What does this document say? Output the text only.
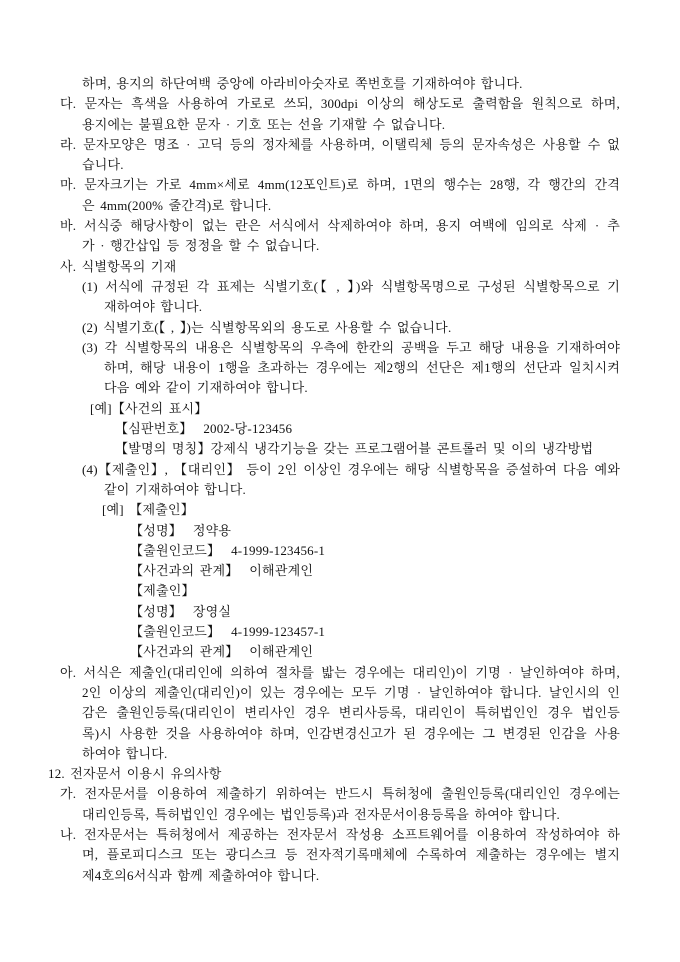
하며, 용지의 하단여백 중앙에 아라비아숫자로 쪽번호를 기재하여야 합니다.
다. 문자는 흑색을 사용하여 가로로 쓰되, 300dpi 이상의 해상도로 출력함을 원칙으로 하며,
용지에는 불필요한 문자 · 기호 또는 선을 기재할 수 없습니다.
라. 문자모양은 명조 · 고딕 등의 정자체를 사용하며, 이탤릭체 등의 문자속성은 사용할 수 없
습니다.
마. 문자크기는 가로 4mm×세로 4mm(12포인트)로 하며, 1면의 행수는 28행, 각 행간의 간격
은 4mm(200% 줄간격)로 합니다.
바. 서식중 해당사항이 없는 란은 서식에서 삭제하여야 하며, 용지 여백에 임의로 삭제 · 추
가 · 행간삽입 등 정정을 할 수 없습니다.
사. 식별항목의 기재
(1) 서식에 규정된 각 표제는 식별기호(【 , 】)와 식별항목명으로 구성된 식별항목으로 기
재하여야 합니다.
(2) 식별기호(【 , 】)는 식별항목외의 용도로 사용할 수 없습니다.
(3) 각 식별항목의 내용은 식별항목의 우측에 한칸의 공백을 두고 해당 내용을 기재하여야
하며, 해당 내용이 1행을 초과하는 경우에는 제2행의 선단은 제1행의 선단과 일치시켜
다음 예와 같이 기재하여야 합니다.
[예]【사건의 표시】
【심판번호】  2002-당-123456
【발명의 명칭】강제식 냉각기능을 갖는 프로그램어블 콘트롤러 및 이의 냉각방법
(4)【제출인】, 【대리인】 등이 2인 이상인 경우에는 해당 식별항목을 증설하여 다음 예와
같이 기재하여야 합니다.
[예] 【제출인】
【성명】  정약용
【출원인코드】  4-1999-123456-1
【사건과의 관계】  이해관계인
【제출인】
【성명】  장영실
【출원인코드】  4-1999-123457-1
【사건과의 관계】  이해관계인
아. 서식은 제출인(대리인에 의하여 절차를 밟는 경우에는 대리인)이 기명 · 날인하여야 하며,
2인 이상의 제출인(대리인)이 있는 경우에는 모두 기명 · 날인하여야 합니다. 날인시의 인
감은 출원인등록(대리인이 변리사인 경우 변리사등록, 대리인이 특허법인인 경우 법인등
록)시 사용한 것을 사용하여야 하며, 인감변경신고가 된 경우에는 그 변경된 인감을 사용
하여야 합니다.
12. 전자문서 이용시 유의사항
가. 전자문서를 이용하여 제출하기 위하여는 반드시 특허청에 출원인등록(대리인인 경우에는
대리인등록, 특허법인인 경우에는 법인등록)과 전자문서이용등록을 하여야 합니다.
나. 전자문서는 특허청에서 제공하는 전자문서 작성용 소프트웨어를 이용하여 작성하여야 하
며, 플로피디스크 또는 광디스크 등 전자적기록매체에 수록하여 제출하는 경우에는 별지
제4호의6서식과 함께 제출하여야 합니다.
